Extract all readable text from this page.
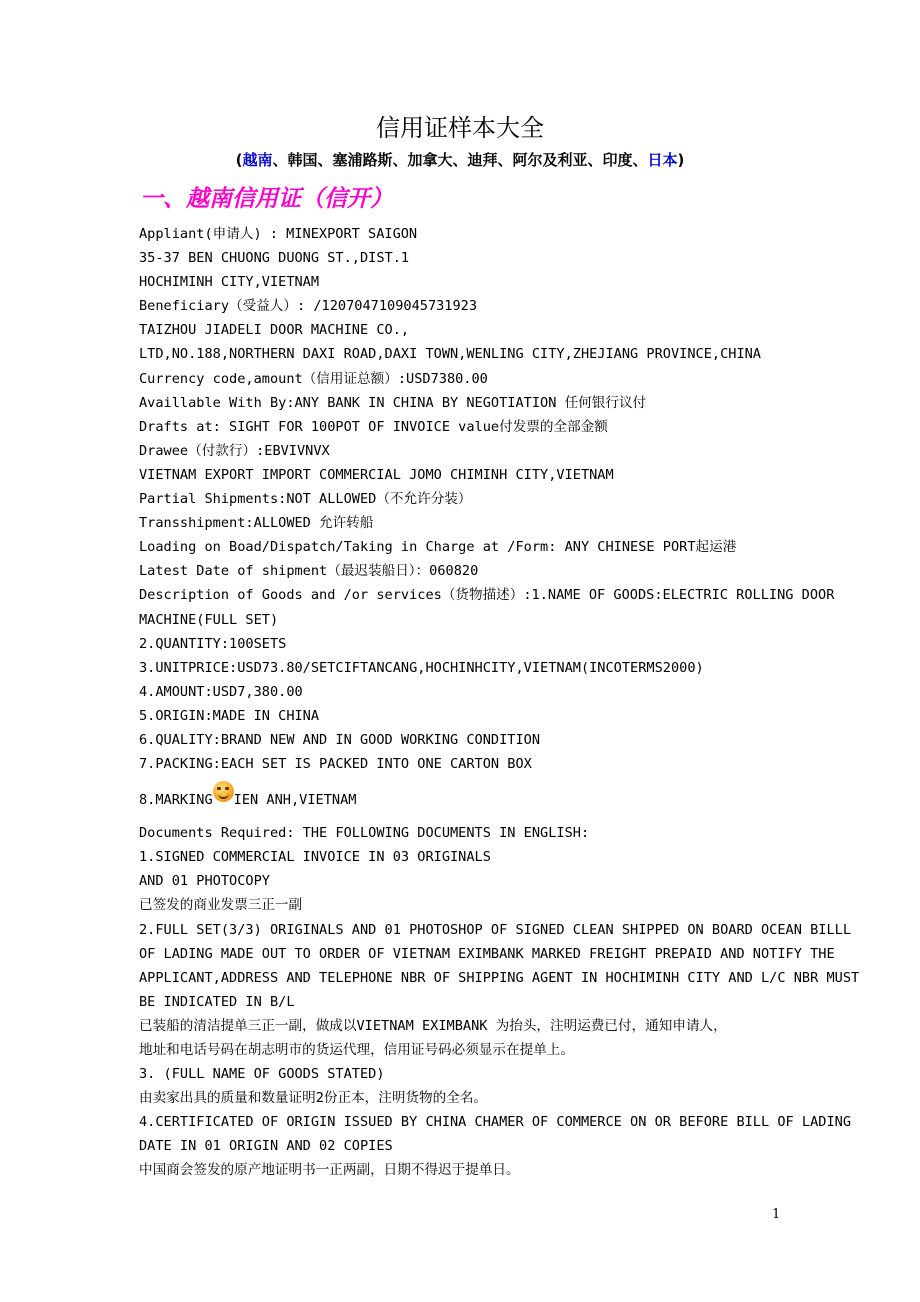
信用证样本大全
(越南、韩国、塞浦路斯、加拿大、迪拜、阿尔及利亚、印度、日本)
一、越南信用证（信开）
Appliant(申请人) : MINEXPORT SAIGON
35-37 BEN CHUONG DUONG ST.,DIST.1
HOCHIMINH CITY,VIETNAM
Beneficiary（受益人）: /1207047109045731923
TAIZHOU JIADELI DOOR MACHINE CO.,
LTD,NO.188,NORTHERN DAXI ROAD,DAXI TOWN,WENLING CITY,ZHEJIANG PROVINCE,CHINA
Currency code,amount（信用证总额）:USD7380.00
Availlable With By:ANY BANK IN CHINA BY NEGOTIATION 任何银行议付
Drafts at: SIGHT FOR 100POT OF INVOICE value付发票的全部金额
Drawee（付款行）:EBVIVNVX
VIETNAM EXPORT IMPORT COMMERCIAL JOMO CHIMINH CITY,VIETNAM
Partial Shipments:NOT ALLOWED（不允许分装）
Transshipment:ALLOWED 允许转船
Loading on Boad/Dispatch/Taking in Charge at /Form: ANY CHINESE PORT起运港
Latest Date of shipment（最迟装船日）：060820
Description of Goods and /or services（货物描述）:1.NAME OF GOODS:ELECTRIC ROLLING DOOR
MACHINE(FULL SET)
2.QUANTITY:100SETS
3.UNITPRICE:USD73.80/SETCIFTANCANG,HOCHINHCITY,VIETNAM(INCOTERMS2000)
4.AMOUNT:USD7,380.00
5.ORIGIN:MADE IN CHINA
6.QUALITY:BRAND NEW AND IN GOOD WORKING CONDITION
7.PACKING:EACH SET IS PACKED INTO ONE CARTON BOX
8.MARKING IEN ANH,VIETNAM
Documents Required: THE FOLLOWING DOCUMENTS IN ENGLISH:
1.SIGNED COMMERCIAL INVOICE IN 03 ORIGINALS
AND 01 PHOTOCOPY
已签发的商业发票三正一副
2.FULL SET(3/3) ORIGINALS AND 01 PHOTOSHOP OF SIGNED CLEAN SHIPPED ON BOARD OCEAN BILLL
OF LADING MADE OUT TO ORDER OF VIETNAM EXIMBANK MARKED FREIGHT PREPAID AND NOTIFY THE
APPLICANT,ADDRESS AND TELEPHONE NBR OF SHIPPING AGENT IN HOCHIMINH CITY AND L/C NBR MUST
BE INDICATED IN B/L
已装船的清洁提单三正一副，做成以VIETNAM EXIMBANK 为抬头，注明运费已付，通知申请人，
地址和电话号码在胡志明市的货运代理，信用证号码必须显示在提单上。
3. (FULL NAME OF GOODS STATED)
由卖家出具的质量和数量证明2份正本，注明货物的全名。
4.CERTIFICATED OF ORIGIN ISSUED BY CHINA CHAMER OF COMMERCE ON OR BEFORE BILL OF LADING
DATE IN 01 ORIGIN AND 02 COPIES
中国商会签发的原产地证明书一正两副，日期不得迟于提单日。
1
